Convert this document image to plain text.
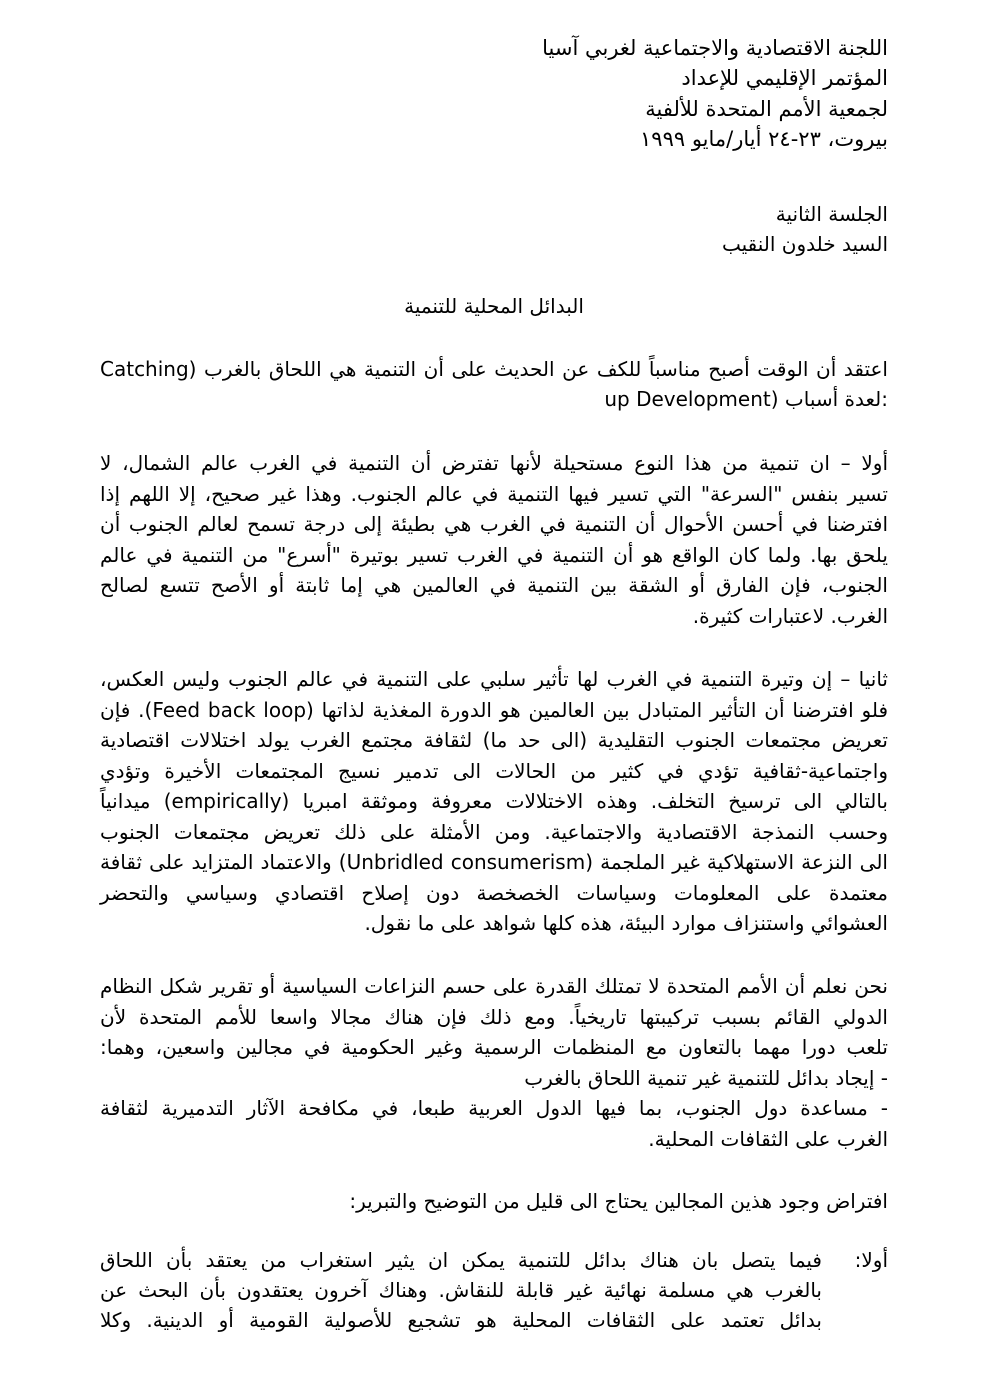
اللجنة الاقتصادية والاجتماعية لغربي آسيا
المؤتمر الإقليمي للإعداد
لجمعية الأمم المتحدة للألفية
بيروت، ٢٣-٢٤ أيار/مايو ١٩٩٩
الجلسة الثانية
السيد خلدون النقيب
البدائل المحلية للتنمية
اعتقد أن الوقت أصبح مناسباً للكف عن الحديث على أن التنمية هي اللحاق بالغرب (Catching
up Development) لعدة أسباب:
أولا – ان تنمية من هذا النوع مستحيلة لأنها تفترض أن التنمية في الغرب عالم الشمال، لا
تسير بنفس "السرعة" التي تسير فيها التنمية في عالم الجنوب. وهذا غير صحيح، إلا اللهم إذا
افترضنا في أحسن الأحوال أن التنمية في الغرب هي بطيئة إلى درجة تسمح لعالم الجنوب أن
يلحق بها. ولما كان الواقع هو أن التنمية في الغرب تسير بوتيرة "أسرع" من التنمية في عالم
الجنوب، فإن الفارق أو الشقة بين التنمية في العالمين هي إما ثابتة أو الأصح تتسع لصالح
الغرب. لاعتبارات كثيرة.
ثانيا – إن وتيرة التنمية في الغرب لها تأثير سلبي على التنمية في عالم الجنوب وليس العكس،
فلو افترضنا أن التأثير المتبادل بين العالمين هو الدورة المغذية لذاتها (Feed back loop). فإن
تعريض مجتمعات الجنوب التقليدية (الى حد ما) لثقافة مجتمع الغرب يولد اختلالات اقتصادية
واجتماعية-ثقافية تؤدي في كثير من الحالات الى تدمير نسيج المجتمعات الأخيرة وتؤدي
بالتالي الى ترسيخ التخلف. وهذه الاختلالات معروفة وموثقة امبريا (empirically) ميدانياً
وحسب النمذجة الاقتصادية والاجتماعية. ومن الأمثلة على ذلك تعريض مجتمعات الجنوب
الى النزعة الاستهلاكية غير الملجمة (Unbridled consumerism) والاعتماد المتزايد على ثقافة
معتمدة على المعلومات وسياسات الخصخصة دون إصلاح اقتصادي وسياسي والتحضر
العشوائي واستنزاف موارد البيئة، هذه كلها شواهد على ما نقول.
نحن نعلم أن الأمم المتحدة لا تمتلك القدرة على حسم النزاعات السياسية أو تقرير شكل النظام
الدولي القائم بسبب تركيبتها تاريخياً. ومع ذلك فإن هناك مجالا واسعا للأمم المتحدة لأن
تلعب دورا مهما بالتعاون مع المنظمات الرسمية وغير الحكومية في مجالين واسعين، وهما:
- إيجاد بدائل للتنمية غير تنمية اللحاق بالغرب
- مساعدة دول الجنوب، بما فيها الدول العربية طبعا، في مكافحة الآثار التدميرية لثقافة
الغرب على الثقافات المحلية.
افتراض وجود هذين المجالين يحتاج الى قليل من التوضيح والتبرير:
أولا:
فيما يتصل بان هناك بدائل للتنمية يمكن ان يثير استغراب من يعتقد بأن اللحاق
بالغرب هي مسلمة نهائية غير قابلة للنقاش. وهناك آخرون يعتقدون بأن البحث عن
بدائل تعتمد على الثقافات المحلية هو تشجيع للأصولية القومية أو الدينية. وكلا
